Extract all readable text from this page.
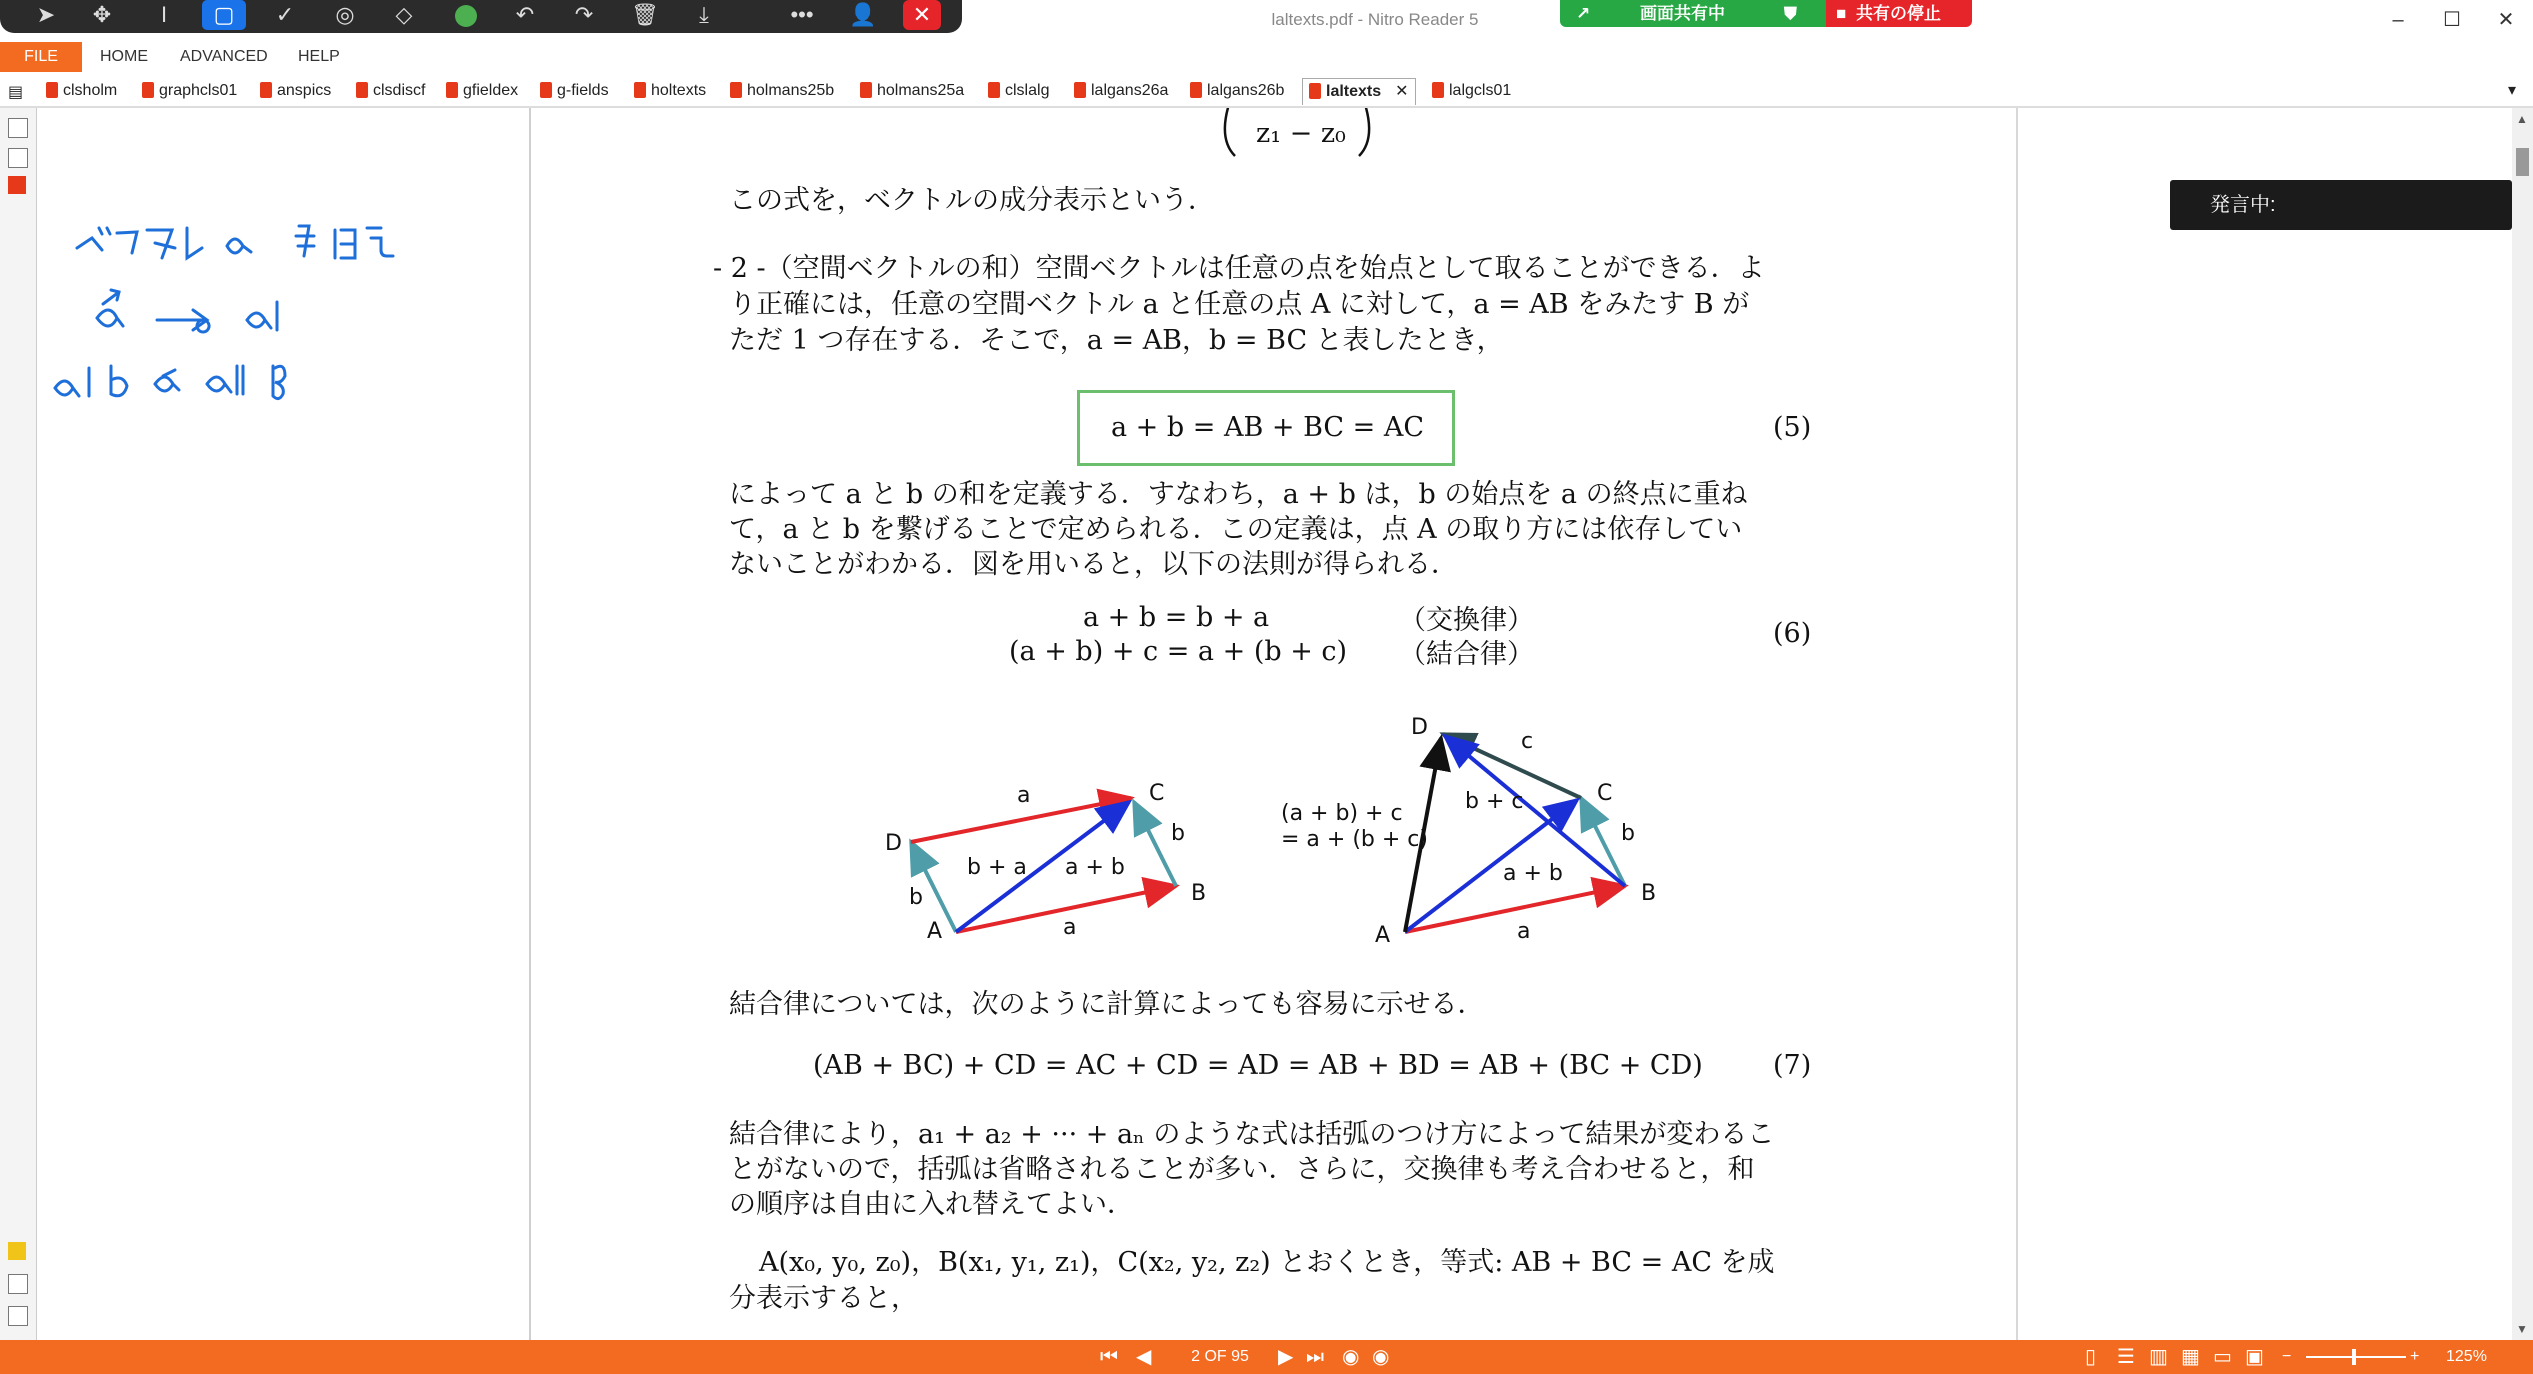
laltexts.pdf - Nitro Reader 5	–	☐	✕
➤	✥	I	▢	✓	◎	◇	↶	↷	🗑	⤓	•••	👤	✕	↗	画面共有中	⛊ ■ 共有の停止
FILE	HOME ADVANCED HELP
▤	clsholm	graphcls01	anspics	clsdiscf	gfieldex	g-fields	holtexts	holmans25b	holmans25a	clslalg	lalgans26a	lalgans26b	laltexts ✕	lalgcls01	▾
z₁ − z₀
この式を，ベクトルの成分表示という．
- 2 -（空間ベクトルの和）空間ベクトルは任意の点を始点として取ることができる．よ
り正確には，任意の空間ベクトル a と任意の点 A に対して，a = AB をみたす B が
ただ 1 つ存在する．そこで，a = AB，b = BC と表したとき，
a + b = AB + BC = AC	(5)
によって a と b の和を定義する．すなわち，a + b は，b の始点を a の終点に重ね
て，a と b を繋げることで定められる．この定義は，点 A の取り方には依存してい
ないことがわかる．図を用いると，以下の法則が得られる．
a + b = b + a	（交換律）
(a + b) + c = a + (b + c) （結合律）
(6)
A
B
C
D
a
a
b
b
b + a a + b
A
B
C
D
a
b
c
b + c
a + b
(a + b) + c
= a + (b + c)
結合律については，次のように計算によっても容易に示せる．
(AB + BC) + CD = AC + CD = AD = AB + BD = AB + (BC + CD)	(7)
結合律により，a₁ + a₂ + ··· + aₙ のような式は括弧のつけ方によって結果が変わるこ
とがないので，括弧は省略されることが多い．さらに，交換律も考え合わせると，和
の順序は自由に入れ替えてよい．
A(x₀, y₀, z₀)，B(x₁, y₁, z₁)，C(x₂, y₂, z₂) とおくとき，等式: AB + BC = AC を成
分表示すると，
発言中:
▲
▼
⏮ ◀	2 OF 95	▶ ⏭ ◉ ◉	▯ ☰ ▥ ▦ ▭ ▣ −	+ 125%
